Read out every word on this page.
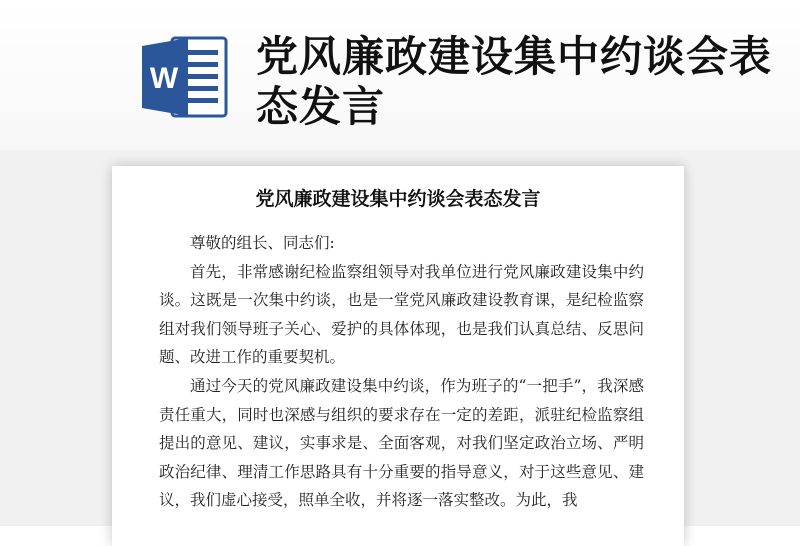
W 党风廉政建设集中约谈会表态发言
党风廉政建设集中约谈会表态发言

尊敬的组长、同志们:

首先，非常感谢纪检监察组领导对我单位进行党风廉政建设集中约谈。这既是一次集中约谈，也是一堂党风廉政建设教育课，是纪检监察组对我们领导班子关心、爱护的具体体现，也是我们认真总结、反思问题、改进工作的重要契机。

通过今天的党风廉政建设集中约谈，作为班子的“一把手”，我深感责任重大，同时也深感与组织的要求存在一定的差距，派驻纪检监察组提出的意见、建议，实事求是、全面客观，对我们坚定政治立场、严明政治纪律、理清工作思路具有十分重要的指导意义，对于这些意见、建议，我们虚心接受，照单全收，并将逐一落实整改。为此，我
